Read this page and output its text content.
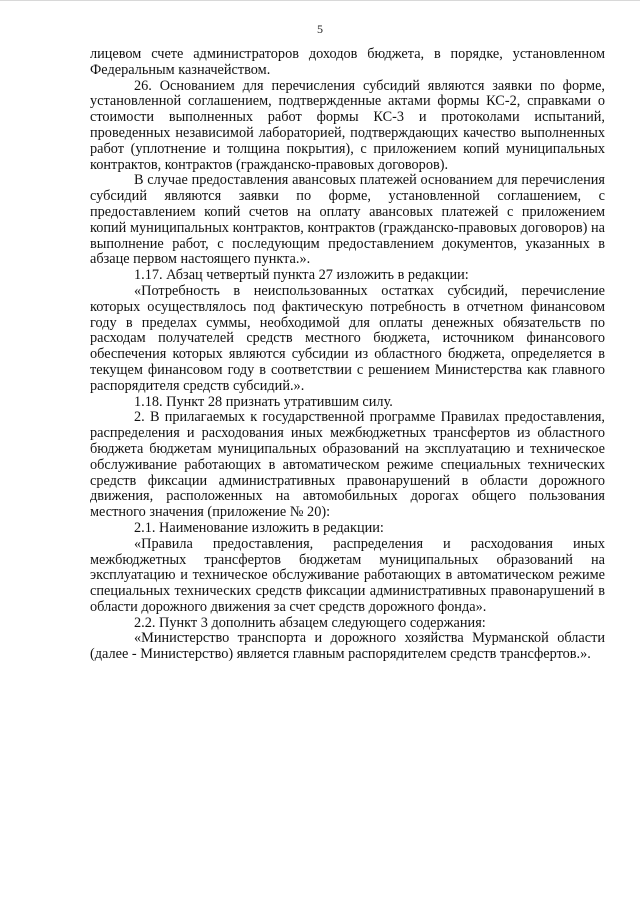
5

лицевом счете администраторов доходов бюджета, в порядке, установленном Федеральным казначейством.

26. Основанием для перечисления субсидий являются заявки по форме, установленной соглашением, подтвержденные актами формы КС-2, справками о стоимости выполненных работ формы КС-3 и протоколами испытаний, проведенных независимой лабораторией, подтверждающих качество выполненных работ (уплотнение и толщина покрытия), с приложением копий муниципальных контрактов, контрактов (гражданско-правовых договоров).

В случае предоставления авансовых платежей основанием для перечисления субсидий являются заявки по форме, установленной соглашением, с предоставлением копий счетов на оплату авансовых платежей с приложением копий муниципальных контрактов, контрактов (гражданско-правовых договоров) на выполнение работ, с последующим предоставлением документов, указанных в абзаце первом настоящего пункта.».

1.17. Абзац четвертый пункта 27 изложить в редакции:

«Потребность в неиспользованных остатках субсидий, перечисление которых осуществлялось под фактическую потребность в отчетном финансовом году в пределах суммы, необходимой для оплаты денежных обязательств по расходам получателей средств местного бюджета, источником финансового обеспечения которых являются субсидии из областного бюджета, определяется в текущем финансовом году в соответствии с решением Министерства как главного распорядителя средств субсидий.».

1.18. Пункт 28 признать утратившим силу.

2. В прилагаемых к государственной программе Правилах предоставления, распределения и расходования иных межбюджетных трансфертов из областного бюджета бюджетам муниципальных образований на эксплуатацию и техническое обслуживание работающих в автоматическом режиме специальных технических средств фиксации административных правонарушений в области дорожного движения, расположенных на автомобильных дорогах общего пользования местного значения (приложение № 20):

2.1. Наименование изложить в редакции:

«Правила предоставления, распределения и расходования иных межбюджетных трансфертов бюджетам муниципальных образований на эксплуатацию и техническое обслуживание работающих в автоматическом режиме специальных технических средств фиксации административных правонарушений в области дорожного движения за счет средств дорожного фонда».

2.2. Пункт 3 дополнить абзацем следующего содержания:

«Министерство транспорта и дорожного хозяйства Мурманской области (далее - Министерство) является главным распорядителем средств трансфертов.».
